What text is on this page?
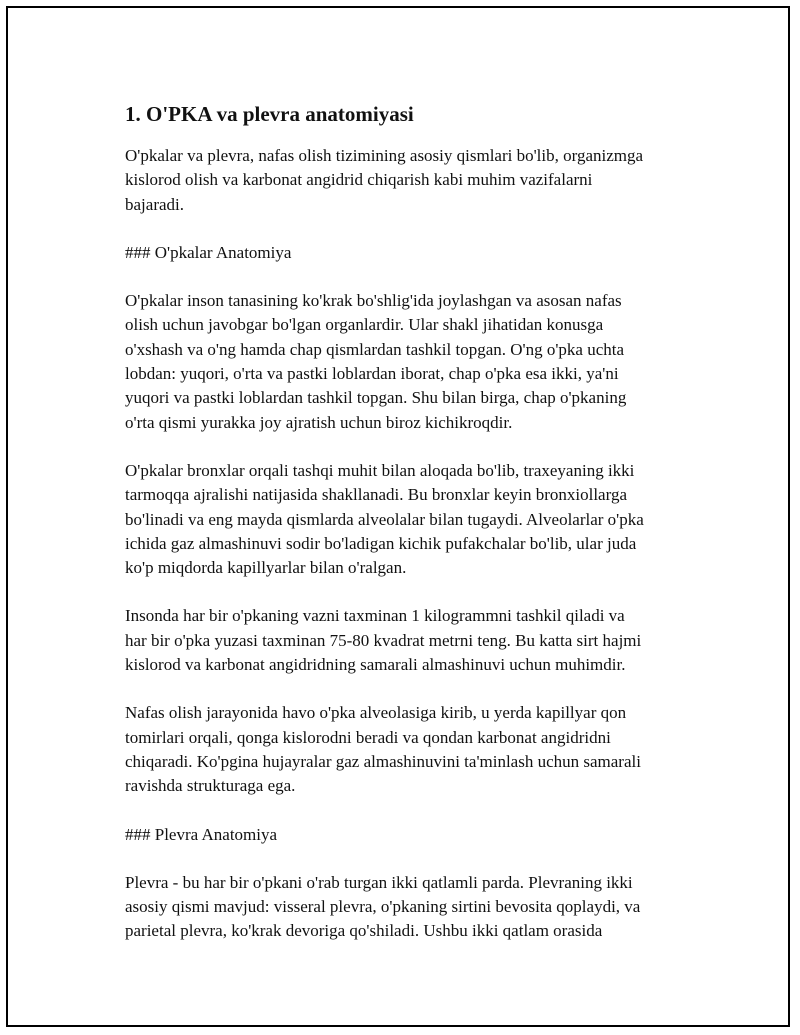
1. O'PKA va plevra anatomiyasi

O'pkalar va plevra, nafas olish tizimining asosiy qismlari bo'lib, organizmga
kislorod olish va karbonat angidrid chiqarish kabi muhim vazifalarni
bajaradi.

### O'pkalar Anatomiya

O'pkalar inson tanasining ko'krak bo'shlig'ida joylashgan va asosan nafas
olish uchun javobgar bo'lgan organlardir. Ular shakl jihatidan konusga
o'xshash va o'ng hamda chap qismlardan tashkil topgan. O'ng o'pka uchta
lobdan: yuqori, o'rta va pastki loblardan iborat, chap o'pka esa ikki, ya'ni
yuqori va pastki loblardan tashkil topgan. Shu bilan birga, chap o'pkaning
o'rta qismi yurakka joy ajratish uchun biroz kichikroqdir.

O'pkalar bronxlar orqali tashqi muhit bilan aloqada bo'lib, traxeyaning ikki
tarmoqqa ajralishi natijasida shakllanadi. Bu bronxlar keyin bronxiollarga
bo'linadi va eng mayda qismlarda alveolalar bilan tugaydi. Alveolarlar o'pka
ichida gaz almashinuvi sodir bo'ladigan kichik pufakchalar bo'lib, ular juda
ko'p miqdorda kapillyarlar bilan o'ralgan.

Insonda har bir o'pkaning vazni taxminan 1 kilogrammni tashkil qiladi va
har bir o'pka yuzasi taxminan 75-80 kvadrat metrni teng. Bu katta sirt hajmi
kislorod va karbonat angidridning samarali almashinuvi uchun muhimdir.

Nafas olish jarayonida havo o'pka alveolasiga kirib, u yerda kapillyar qon
tomirlari orqali, qonga kislorodni beradi va qondan karbonat angidridni
chiqaradi. Ko'pgina hujayralar gaz almashinuvini ta'minlash uchun samarali
ravishda strukturaga ega.

### Plevra Anatomiya

Plevra - bu har bir o'pkani o'rab turgan ikki qatlamli parda. Plevraning ikki
asosiy qismi mavjud: visseral plevra, o'pkaning sirtini bevosita qoplaydi, va
parietal plevra, ko'krak devoriga qo'shiladi. Ushbu ikki qatlam orasida
